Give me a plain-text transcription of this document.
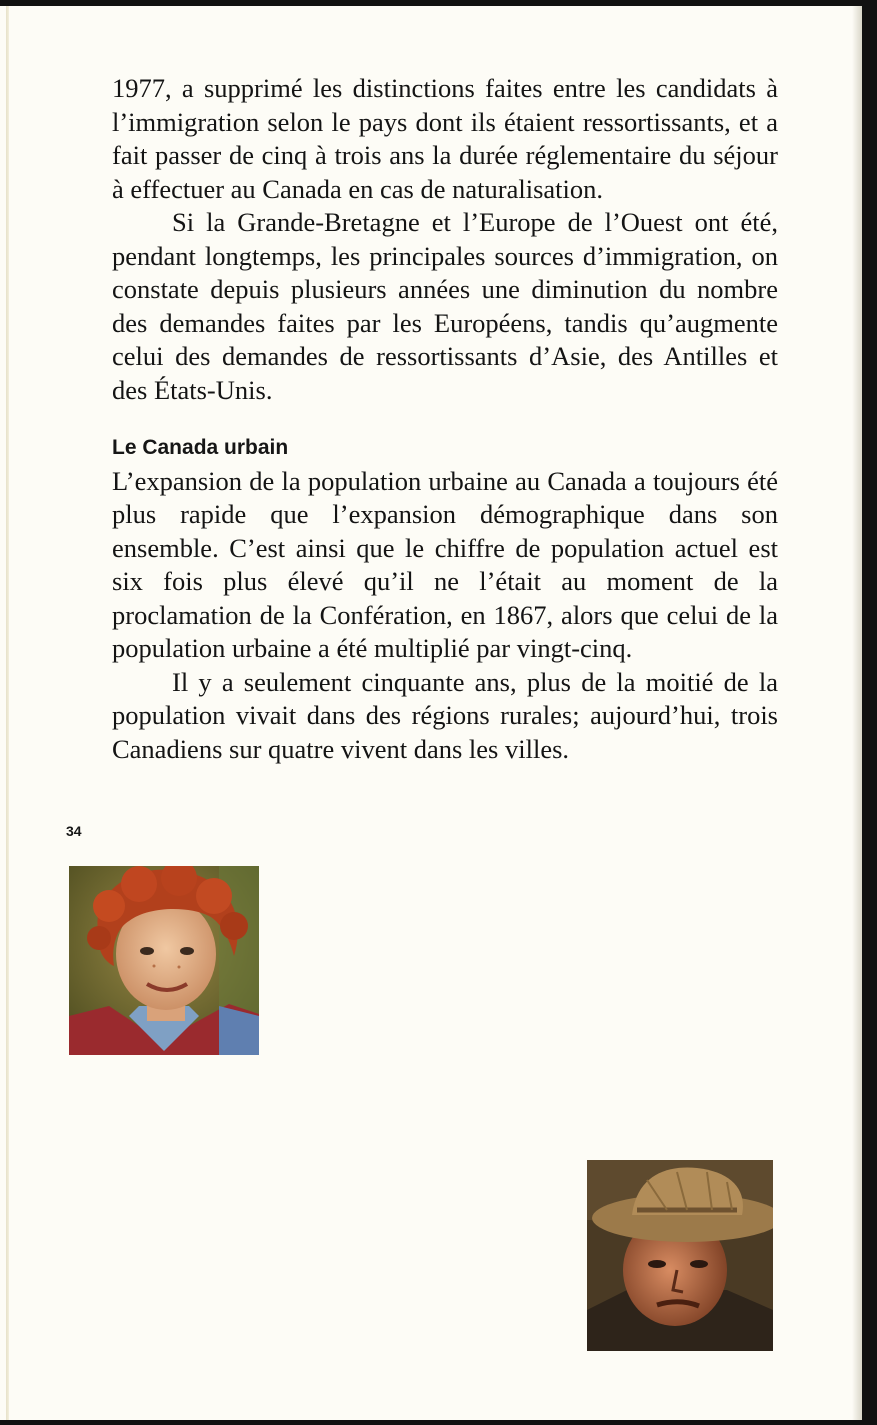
1977, a supprimé les distinctions faites entre les candidats à l’immigration selon le pays dont ils étaient ressortissants, et a fait passer de cinq à trois ans la durée réglementaire du séjour à effectuer au Canada en cas de naturalisation.

Si la Grande-Bretagne et l’Europe de l’Ouest ont été, pendant longtemps, les principales sources d’immigration, on constate depuis plusieurs années une diminution du nombre des demandes faites par les Européens, tandis qu’augmente celui des demandes de ressortissants d’Asie, des Antilles et des États-Unis.

Le Canada urbain

L’expansion de la population urbaine au Canada a toujours été plus rapide que l’expansion démographique dans son ensemble. C’est ainsi que le chiffre de population actuel est six fois plus élevé qu’il ne l’était au moment de la proclamation de la Confération, en 1867, alors que celui de la population urbaine a été multiplié par vingt-cinq.

Il y a seulement cinquante ans, plus de la moitié de la population vivait dans des régions rurales; aujourd’hui, trois Canadiens sur quatre vivent dans les villes.

34
